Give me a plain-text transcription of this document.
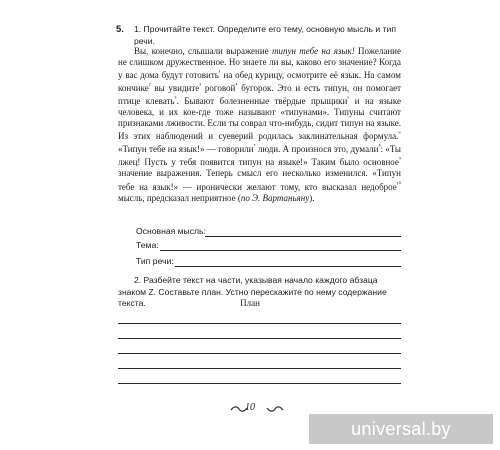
5. 1. Прочитайте текст. Определите его тему, основную мысль и тип речи.

Вы, конечно, слышали выражение типун тебе на язык! Пожелание не слишком дружественное. Но знаете ли вы, каково его значение? Когда у вас дома будут готовить$^{^1}$ на обед курицу, осмотрите её язык. На самом кончике$^{^2}$ вы увидите$^{^3}$ роговой$^{^4}$ бугорок. Это и есть типун, он помогает птице клевать$^{^5}$. Бывают болезненные твёрдые прыщики$^{^6}$ и на языке человека, и их кое-где тоже называют «типунами». Типуны считают признаками лживости. Если ты соврал что-нибудь, сидит типун на языке. Из этих наблюдений и суеверий родилась заклинательная формула.$^ʷ$ «Типун тебе на язык!» — говорили$^{^7}$ люди. А произнося это, думали$^{^8}$: «Ты лжец! Пусть у тебя появится типун на языке!» Таким было основное$^{^9}$ значение выражения. Теперь смысл его несколько изменился. «Типун тебе на язык!» — иронически желают тому, кто высказал недоброе$^{^{10}}$ мысль, предсказал неприятное (по Э. Вартаньяну).

Тема:
Основная мысль:
Тип речи:
2. Разбейте текст на части, указывая начало каждого абзаца знаком Z. Составьте план. Устно перескажите по нему содержание текста.	План
10
universal.by
